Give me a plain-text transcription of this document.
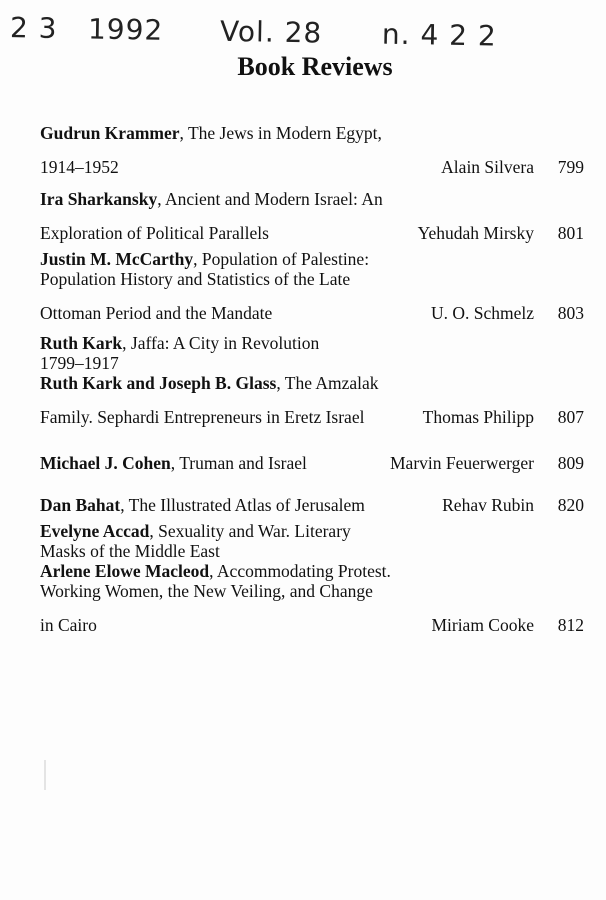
2 3 1992 Vol. 28 n. 4 2 2
Book Reviews
Gudrun Krammer, The Jews in Modern Egypt,
1914–1952	Alain Silvera 799
Ira Sharkansky, Ancient and Modern Israel: An
Exploration of Political Parallels	Yehudah Mirsky 801
Justin M. McCarthy, Population of Palestine:
Population History and Statistics of the Late
Ottoman Period and the Mandate	U. O. Schmelz 803
Ruth Kark, Jaffa: A City in Revolution
1799–1917
Ruth Kark and Joseph B. Glass, The Amzalak
Family. Sephardi Entrepreneurs in Eretz Israel	Thomas Philipp 807
Michael J. Cohen, Truman and Israel	Marvin Feuerwerger 809
Dan Bahat, The Illustrated Atlas of Jerusalem	Rehav Rubin 820
Evelyne Accad, Sexuality and War. Literary
Masks of the Middle East
Arlene Elowe Macleod, Accommodating Protest.
Working Women, the New Veiling, and Change
in Cairo	Miriam Cooke 812
